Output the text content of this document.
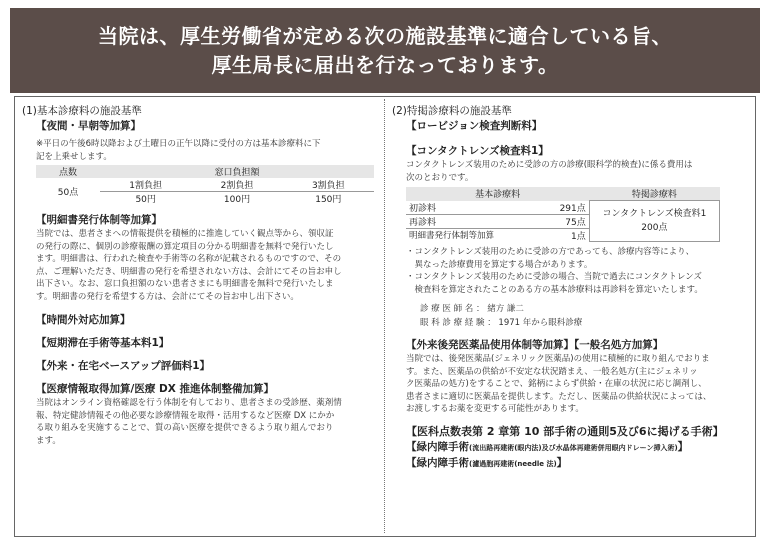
当院は、厚生労働省が定める次の施設基準に適合している旨、
厚生局長に届出を行なっております。
(1)基本診療料の施設基準
【夜間・早朝等加算】
※平日の午後6時以降および土曜日の正午以降に受付の方は基本診療料に下
記を上乗せします。
点数	窓口負担額		
50点	1割負担	2割負担	3割負担
	50円	100円	150円
【明細書発行体制等加算】
当院では、患者さまへの情報提供を積極的に推進していく観点等から、領収証
の発行の際に、個別の診療報酬の算定項目の分かる明細書を無料で発行いたし
ます。明細書は、行われた検査や手術等の名称が記載されるものですので、その
点、ご理解いただき、明細書の発行を希望されない方は、会計にてその旨お申し
出下さい。なお、窓口負担額のない患者さまにも明細書を無料で発行いたしま
す。明細書の発行を希望する方は、会計にてその旨お申し出下さい。
【時間外対応加算】
【短期滞在手術等基本料1】
【外来・在宅ベースアップ評価料1】
【医療情報取得加算/医療 DX 推進体制整備加算】
当院はオンライン資格確認を行う体制を有しており、患者さまの受診歴、薬剤情
報、特定健診情報その他必要な診療情報を取得・活用するなど医療 DX にかか
る取り組みを実施することで、質の高い医療を提供できるよう取り組んでおり
ます。
(2)特掲診療料の施設基準
【ロービジョン検査判断料】
【コンタクトレンズ検査料1】
コンタクトレンズ装用のために受診の方の診療(眼科学的検査)に係る費用は
次のとおりです。
基本診療料		特掲診療料
初診料	291点	コンタクトレンズ検査料1
200点

再診料	75点	
明細書発行体制等加算	1点	
・コンタクトレンズ装用のために受診の方であっても、診療内容等により、
　異なった診療費用を算定する場合があります。
・コンタクトレンズ装用のために受診の場合、当院で過去にコンタクトレンズ
　検査料を算定されたことのある方の基本診療料は再診料を算定いたします。
診 療 医 師 名 ： 緒方 謙二
眼 科 診 療 経 験 ： 1971 年から眼科診療
【外来後発医薬品使用体制等加算】【一般名処方加算】
当院では、後発医薬品(ジェネリック医薬品)の使用に積極的に取り組んでおりま
す。また、医薬品の供給が不安定な状況踏まえ、一般名処方(主にジェネリッ
ク医薬品の処方)をすることで、銘柄によらず供給・在庫の状況に応じ調剤し、
患者さまに適切に医薬品を提供します。ただし、医薬品の供給状況によっては、
お渡しするお薬を変更する可能性があります。
【医科点数表第 2 章第 10 部手術の通則5及び6に掲げる手術】
【緑内障手術(流出路再建術(眼内法)及び水晶体再建術併用眼内ドレーン挿入術)】
【緑内障手術(濾過胞再建術(needle 法)】
